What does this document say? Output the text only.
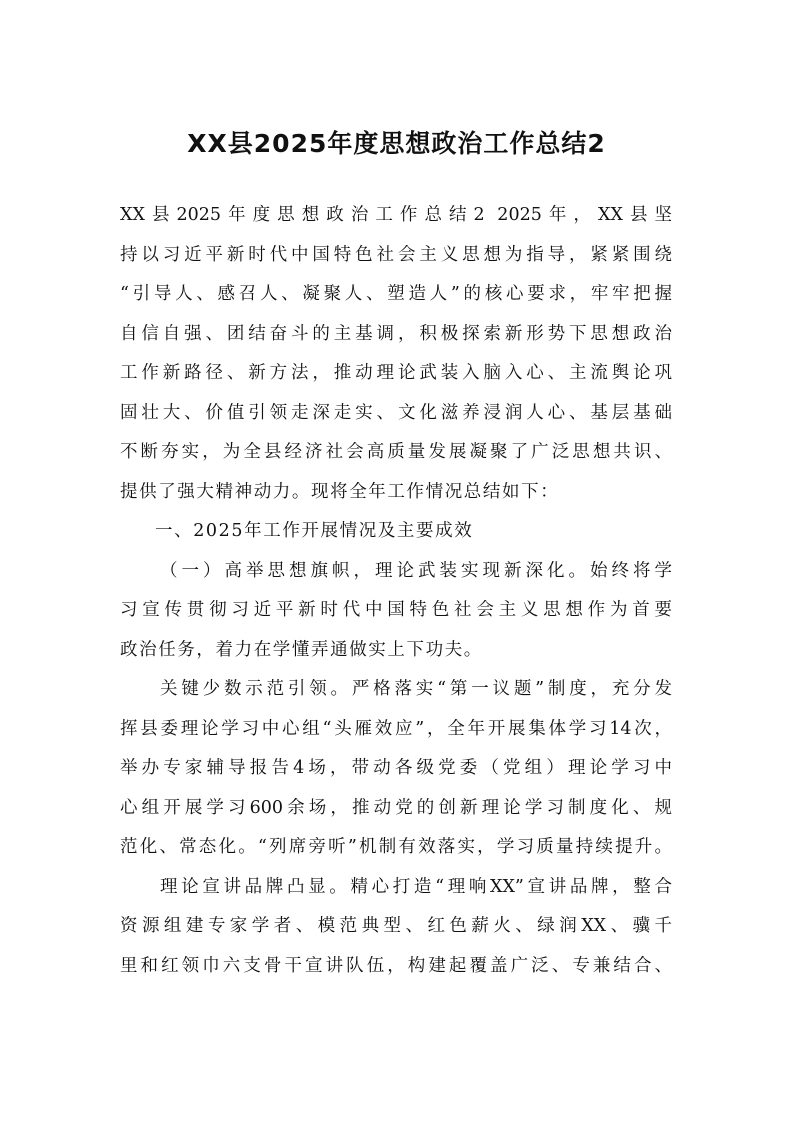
XX县2025年度思想政治工作总结2
XX县2025年度思想政治工作总结2 2025年，XX县坚
持以习近平新时代中国特色社会主义思想为指导，紧紧围绕
“引导人、感召人、凝聚人、塑造人”的核心要求，牢牢把握
自信自强、团结奋斗的主基调，积极探索新形势下思想政治
工作新路径、新方法，推动理论武装入脑入心、主流舆论巩
固壮大、价值引领走深走实、文化滋养浸润人心、基层基础
不断夯实，为全县经济社会高质量发展凝聚了广泛思想共识、
提供了强大精神动力。现将全年工作情况总结如下：
一、2025年工作开展情况及主要成效
（一）高举思想旗帜，理论武装实现新深化。始终将学
习宣传贯彻习近平新时代中国特色社会主义思想作为首要
政治任务，着力在学懂弄通做实上下功夫。
关键少数示范引领。严格落实“第一议题”制度，充分发
挥县委理论学习中心组“头雁效应”，全年开展集体学习14次，
举办专家辅导报告4场，带动各级党委（党组）理论学习中
心组开展学习600余场，推动党的创新理论学习制度化、规
范化、常态化。“列席旁听”机制有效落实，学习质量持续提升。
理论宣讲品牌凸显。精心打造“理响XX”宣讲品牌，整合
资源组建专家学者、模范典型、红色薪火、绿润XX、骥千
里和红领巾六支骨干宣讲队伍，构建起覆盖广泛、专兼结合、
